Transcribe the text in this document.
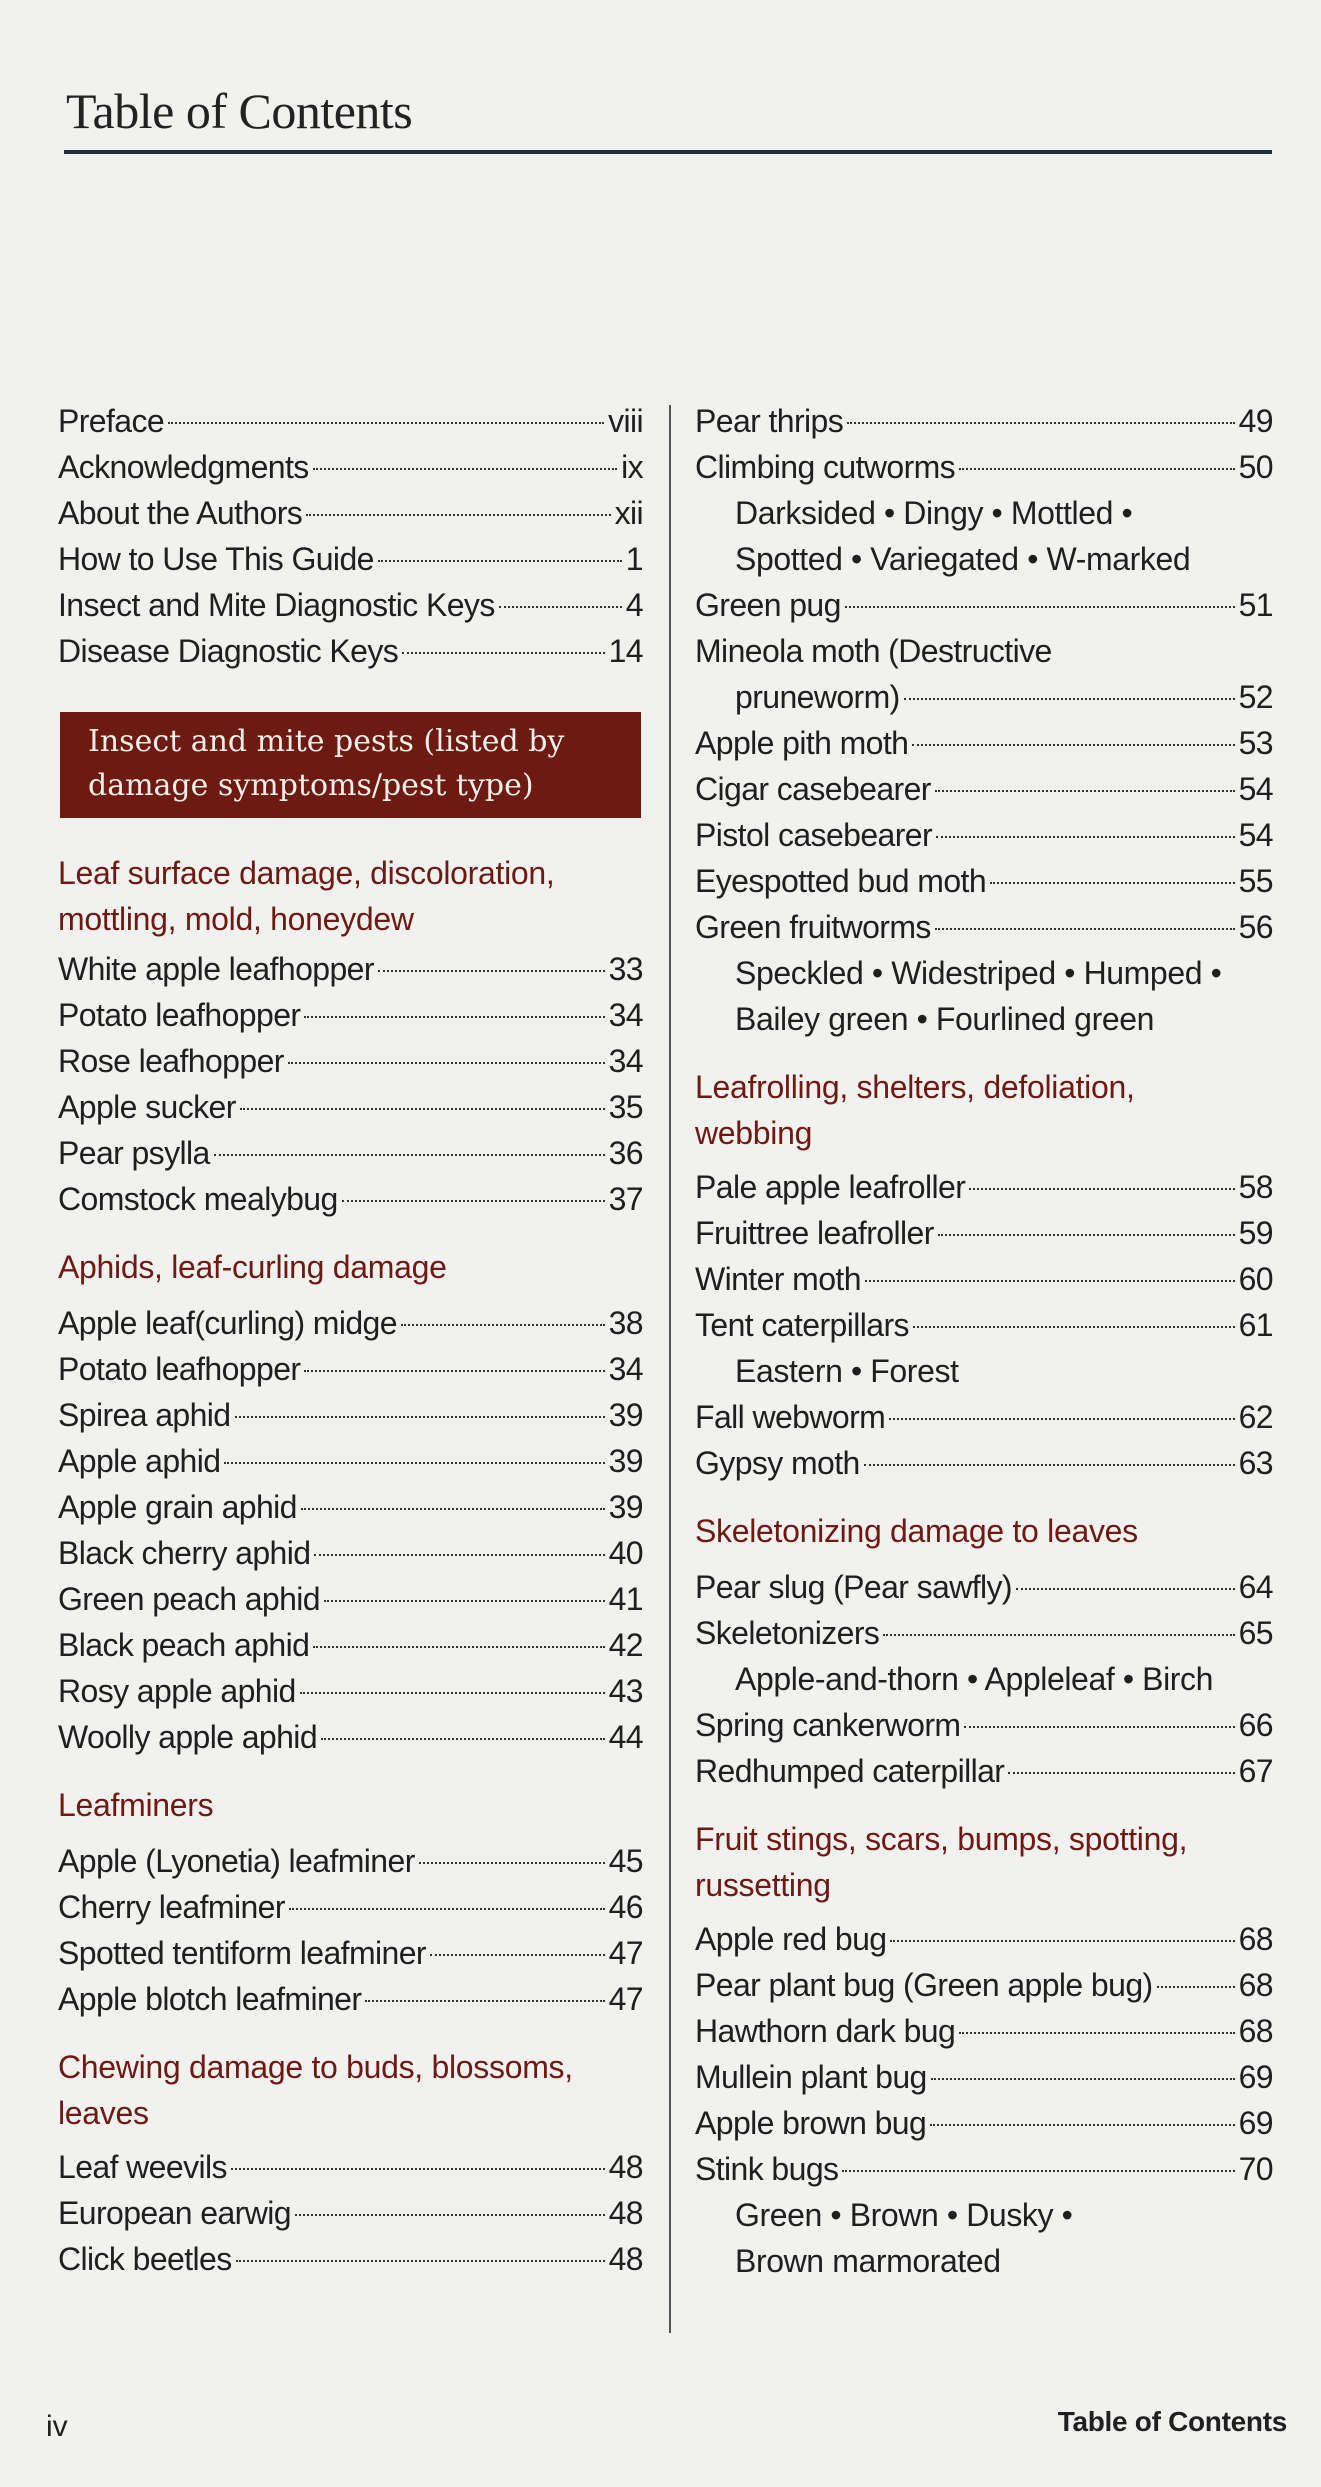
Table of Contents
Preface	viii
Acknowledgments	ix
About the Authors	xii
How to Use This Guide	1
Insect and Mite Diagnostic Keys	4
Disease Diagnostic Keys	14
Insect and mite pests (listed by
damage symptoms/pest type)
Leaf surface damage, discoloration,
mottling, mold, honeydew
White apple leafhopper	33
Potato leafhopper	34
Rose leafhopper	34
Apple sucker	35
Pear psylla	36
Comstock mealybug	37
Aphids, leaf-curling damage
Apple leaf(curling) midge	38
Potato leafhopper	34
Spirea aphid	39
Apple aphid	39
Apple grain aphid	39
Black cherry aphid	40
Green peach aphid	41
Black peach aphid	42
Rosy apple aphid	43
Woolly apple aphid	44
Leafminers
Apple (Lyonetia) leafminer	45
Cherry leafminer	46
Spotted tentiform leafminer	47
Apple blotch leafminer	47
Chewing damage to buds, blossoms,
leaves
Leaf weevils	48
European earwig	48
Click beetles	48
Pear thrips	49
Climbing cutworms	50
Darksided • Dingy • Mottled •
Spotted • Variegated • W-marked
Green pug	51
Mineola moth (Destructive
pruneworm)	52
Apple pith moth	53
Cigar casebearer	54
Pistol casebearer	54
Eyespotted bud moth	55
Green fruitworms	56
Speckled • Widestriped • Humped •
Bailey green • Fourlined green
Leafrolling, shelters, defoliation,
webbing
Pale apple leafroller	58
Fruittree leafroller	59
Winter moth	60
Tent caterpillars	61
Eastern • Forest
Fall webworm	62
Gypsy moth	63
Skeletonizing damage to leaves
Pear slug (Pear sawfly)	64
Skeletonizers	65
Apple-and-thorn • Appleleaf • Birch
Spring cankerworm	66
Redhumped caterpillar	67
Fruit stings, scars, bumps, spotting,
russetting
Apple red bug	68
Pear plant bug (Green apple bug)	68
Hawthorn dark bug	68
Mullein plant bug	69
Apple brown bug	69
Stink bugs	70
Green • Brown • Dusky •
Brown marmorated
iv	Table of Contents
